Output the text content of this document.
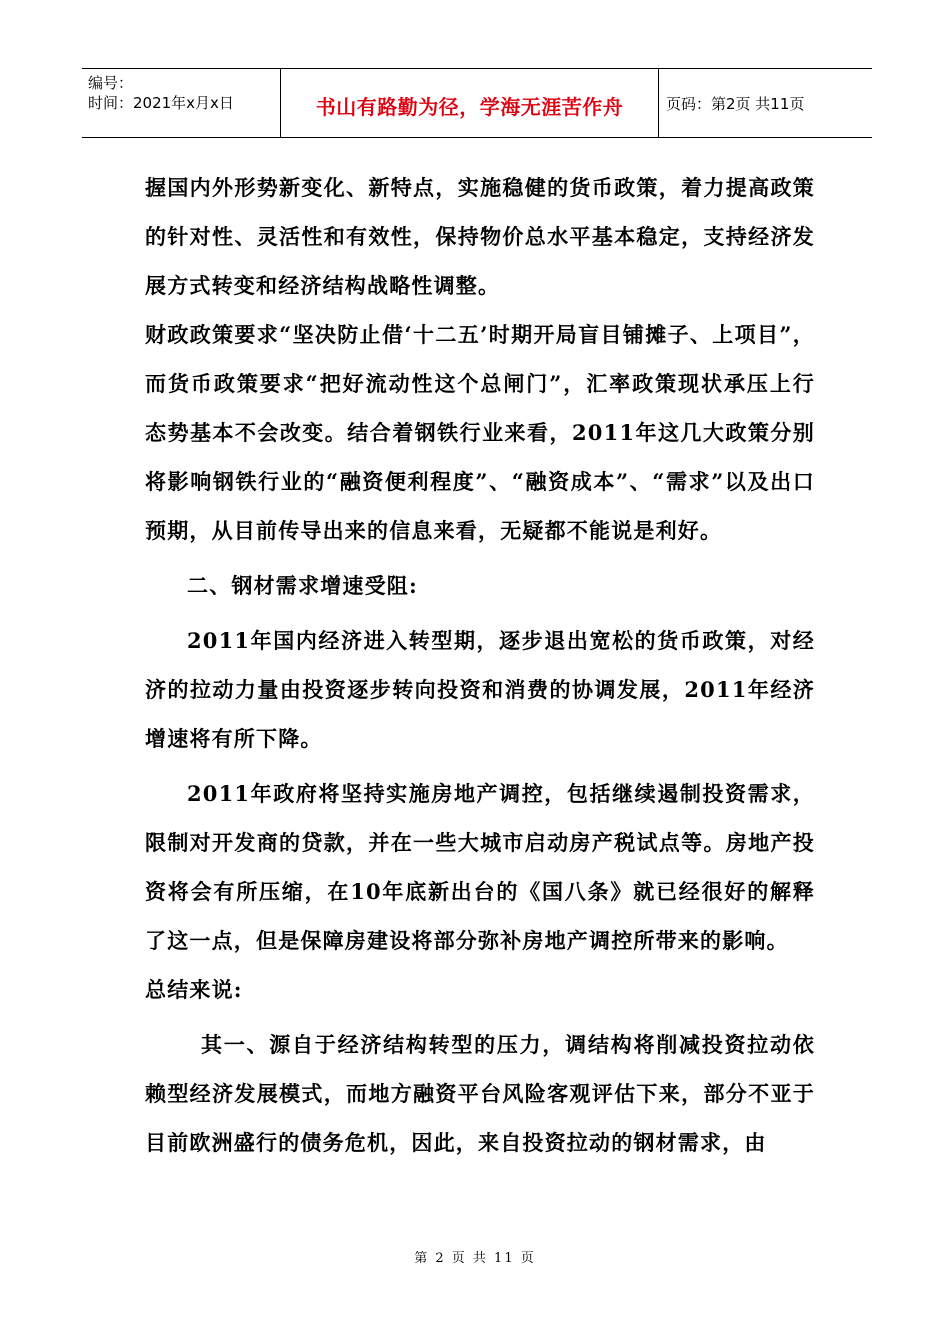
编号：
时间：2021年x月x日	书山有路勤为径，学海无涯苦作舟	页码：第2页 共11页

握国内外形势新变化、新特点，实施稳健的货币政策，着力提高政策的针对性、灵活性和有效性，保持物价总水平基本稳定，支持经济发展方式转变和经济结构战略性调整。

财政政策要求“坚决防止借‘十二五’时期开局盲目铺摊子、上项目”，而货币政策要求“把好流动性这个总闸门”，汇率政策现状承压上行态势基本不会改变。结合着钢铁行业来看，2011年这几大政策分别将影响钢铁行业的“融资便利程度”、“融资成本”、“需求”以及出口预期，从目前传导出来的信息来看，无疑都不能说是利好。

二、钢材需求增速受阻:

2011年国内经济进入转型期，逐步退出宽松的货币政策，对经济的拉动力量由投资逐步转向投资和消费的协调发展，2011年经济增速将有所下降。

2011年政府将坚持实施房地产调控，包括继续遏制投资需求，限制对开发商的贷款，并在一些大城市启动房产税试点等。房地产投资将会有所压缩，在10年底新出台的《国八条》就已经很好的解释了这一点，但是保障房建设将部分弥补房地产调控所带来的影响。

总结来说:

其一、源自于经济结构转型的压力，调结构将削减投资拉动依赖型经济发展模式，而地方融资平台风险客观评估下来，部分不亚于目前欧洲盛行的债务危机，因此，来自投资拉动的钢材需求，由

第 2 页 共 11 页
